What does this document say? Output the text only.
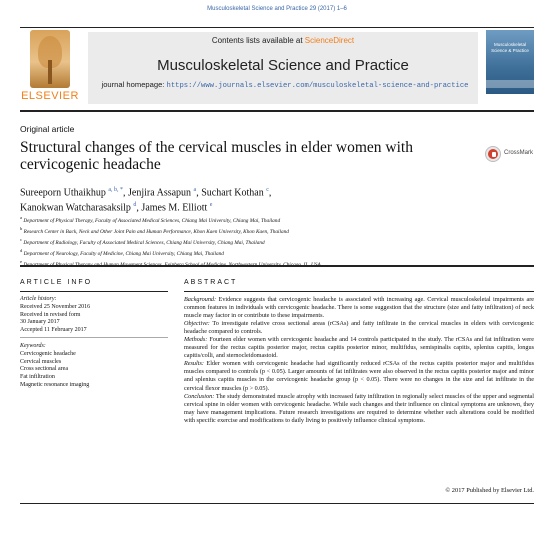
Musculoskeletal Science and Practice 29 (2017) 1–6
ELSEVIER
Contents lists available at ScienceDirect
Musculoskeletal Science and Practice
journal homepage: https://www.journals.elsevier.com/musculoskeletal-science-and-practice
Musculoskeletal Science & Practice
Original article
Structural changes of the cervical muscles in elder women with cervicogenic headache
CrossMark
Sureeporn Uthaikhup $^{a, b, *}$, Jenjira Assapun $^a$, Suchart Kothan $^c$,
Kanokwan Watcharasaksilp $^d$, James M. Elliott $^e$
$^a$ Department of Physical Therapy, Faculty of Associated Medical Sciences, Chiang Mai University, Chiang Mai, Thailand
$^b$ Research Center in Back, Neck and Other Joint Pain and Human Performance, Khon Kaen University, Khon Kaen, Thailand
$^c$ Department of Radiology, Faculty of Associated Medical Sciences, Chiang Mai University, Chiang Mai, Thailand
$^d$ Department of Neurology, Faculty of Medicine, Chiang Mai University, Chiang Mai, Thailand
$^e$
ARTICLE INFO	ABSTRACT
Article history:
Received 25 November 2016
Received in revised form
30 January 2017
Accepted 11 February 2017
Keywords:
Cervicogenic headache
Cervical muscles
Cross sectional area
Fat infiltration
Magnetic resonance imaging

Background: Evidence suggests that cervicogenic headache is associated with increasing age. Cervical musculoskeletal impairments are common features in individuals with cervicogenic headache. There is some suggestion that the structure (size and fatty infiltration) of neck muscle may factor in or contribute to these impairments.

Objective: To investigate relative cross sectional areas (rCSAs) and fatty infiltrate in the cervical muscles in elders with cervicogenic headache compared to controls.

Methods: Fourteen elder women with cervicogenic headache and 14 controls participated in the study. The rCSAs and fat infiltration were measured for the rectus capitis posterior major, rectus capitis posterior minor, multifidus, semispinalis capitis, splenius capitis, longus capitis/colli, and sternocleidomastoid.

Results: Elder women with cervicogenic headache had significantly reduced rCSAs of the rectus capitis posterior major and multifidus muscles compared to controls (p < 0.05). Larger amounts of fat infiltrates were also observed in the rectus capitis posterior major and minor and splenius capitis muscles in the cervicogenic headache group (p < 0.05). There were no changes in the size and fat infiltrate in the cervical flexor muscles (p > 0.05).

Conclusion: The study demonstrated muscle atrophy with increased fatty infiltration in regionally select muscles of the upper and segmental cervical spine in older women with cervicogenic headache. While such changes and their influence on clinical symptoms are unknown, they may have management implications. Future research investigations are required to determine whether such alterations could be modified with specific exercise and modifications to daily living to positively influence clinical symptoms.

© 2017 Published by Elsevier Ltd.
